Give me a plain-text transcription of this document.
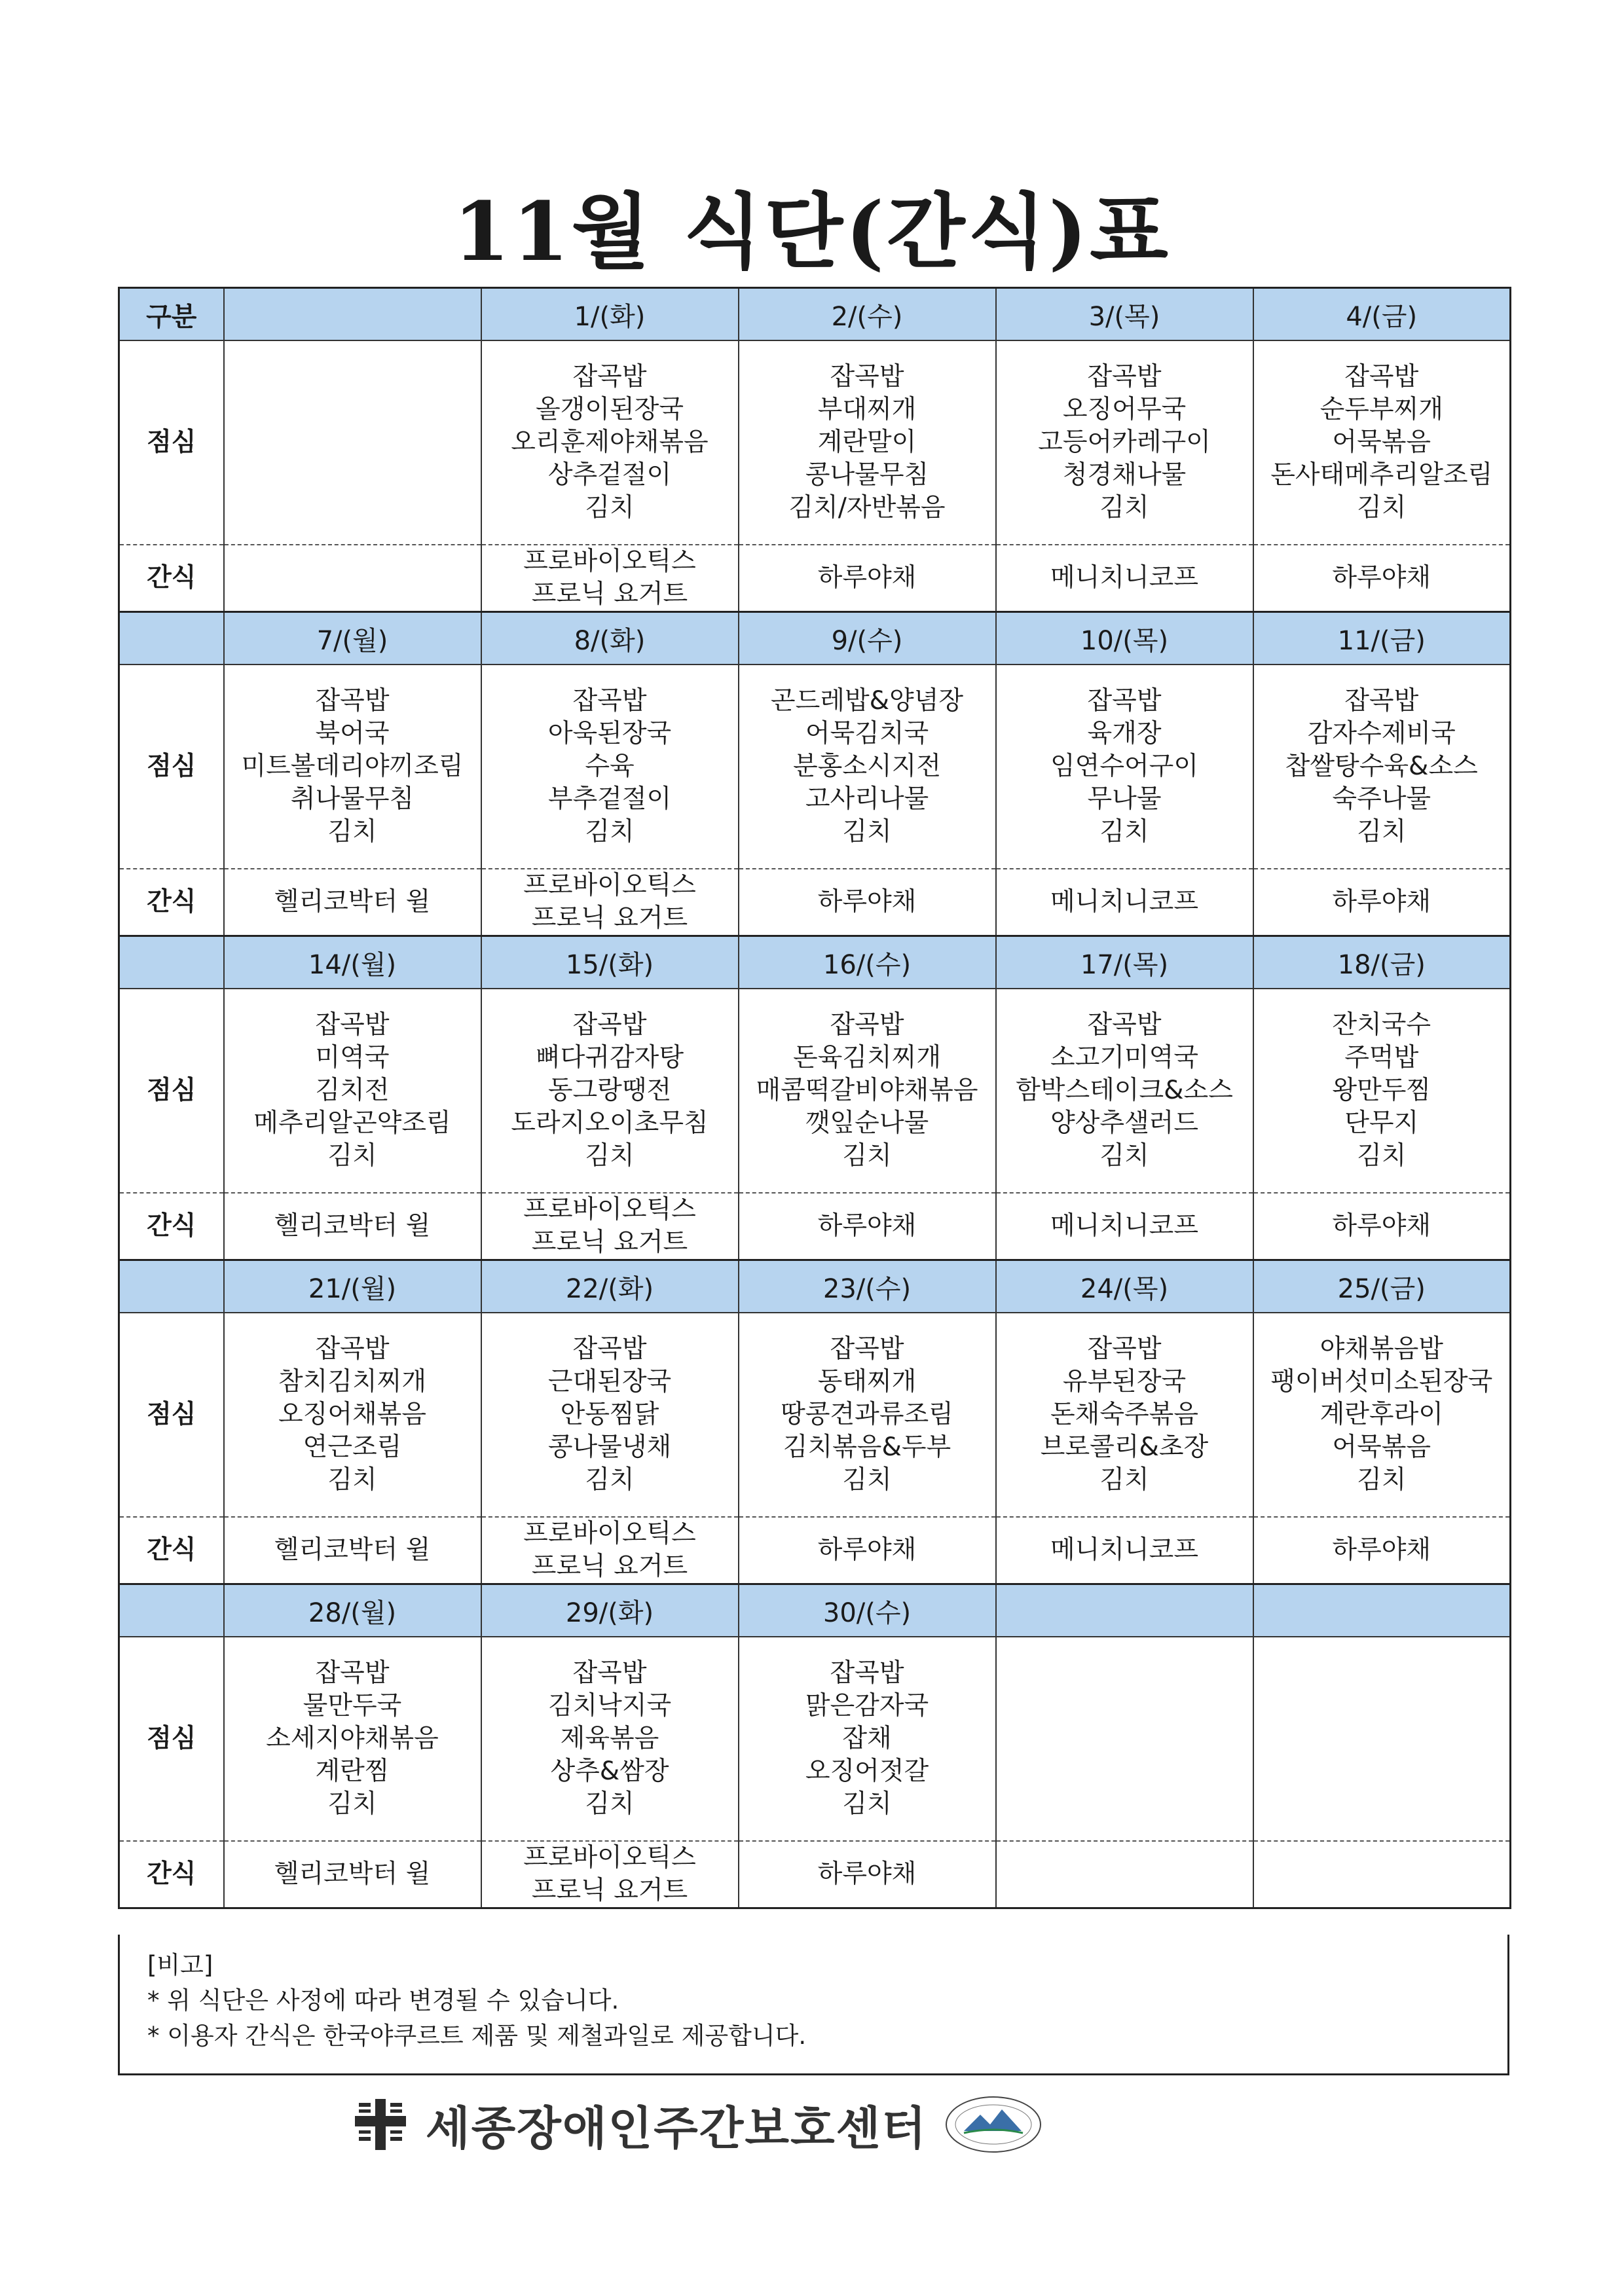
11월 식단(간식)표
구분		1/(화)	2/(수)	3/(목)	4/(금)
점심		잡곡밥
올갱이된장국
오리훈제야채볶음
상추겉절이
김치	잡곡밥
부대찌개
계란말이
콩나물무침
김치/자반볶음	잡곡밥
오징어무국
고등어카레구이
청경채나물
김치	잡곡밥
순두부찌개
어묵볶음
돈사태메추리알조림
김치

간식		프로바이오틱스
프로닉 요거트	하루야채	메니치니코프	하루야채

	7/(월)	8/(화)	9/(수)	10/(목)	11/(금)
점심	잡곡밥
북어국
미트볼데리야끼조림
취나물무침
김치	잡곡밥
아욱된장국
수육
부추겉절이
김치	곤드레밥&양념장
어묵김치국
분홍소시지전
고사리나물
김치	잡곡밥
육개장
임연수어구이
무나물
김치	잡곡밥
감자수제비국
찹쌀탕수육&소스
숙주나물
김치

간식	헬리코박터 윌	프로바이오틱스
프로닉 요거트	하루야채	메니치니코프	하루야채

	14/(월)	15/(화)	16/(수)	17/(목)	18/(금)
점심	잡곡밥
미역국
김치전
메추리알곤약조림
김치	잡곡밥
뼈다귀감자탕
동그랑땡전
도라지오이초무침
김치	잡곡밥
돈육김치찌개
매콤떡갈비야채볶음
깻잎순나물
김치	잡곡밥
소고기미역국
함박스테이크&소스
양상추샐러드
김치	잔치국수
주먹밥
왕만두찜
단무지
김치

간식	헬리코박터 윌	프로바이오틱스
프로닉 요거트	하루야채	메니치니코프	하루야채

	21/(월)	22/(화)	23/(수)	24/(목)	25/(금)
점심	잡곡밥
참치김치찌개
오징어채볶음
연근조림
김치	잡곡밥
근대된장국
안동찜닭
콩나물냉채
김치	잡곡밥
동태찌개
땅콩견과류조림
김치볶음&두부
김치	잡곡밥
유부된장국
돈채숙주볶음
브로콜리&초장
김치	야채볶음밥
팽이버섯미소된장국
계란후라이
어묵볶음
김치

간식	헬리코박터 윌	프로바이오틱스
프로닉 요거트	하루야채	메니치니코프	하루야채

	28/(월)	29/(화)	30/(수)		
점심	잡곡밥
물만두국
소세지야채볶음
계란찜
김치	잡곡밥
김치낙지국
제육볶음
상추&쌈장
김치	잡곡밥
맑은감자국
잡채
오징어젓갈
김치		

간식	헬리코박터 윌	프로바이오틱스
프로닉 요거트	하루야채		

[비고]
* 위 식단은 사정에 따라 변경될 수 있습니다.
* 이용자 간식은 한국야쿠르트 제품 및 제철과일로 제공합니다.
세종장애인주간보호센터
